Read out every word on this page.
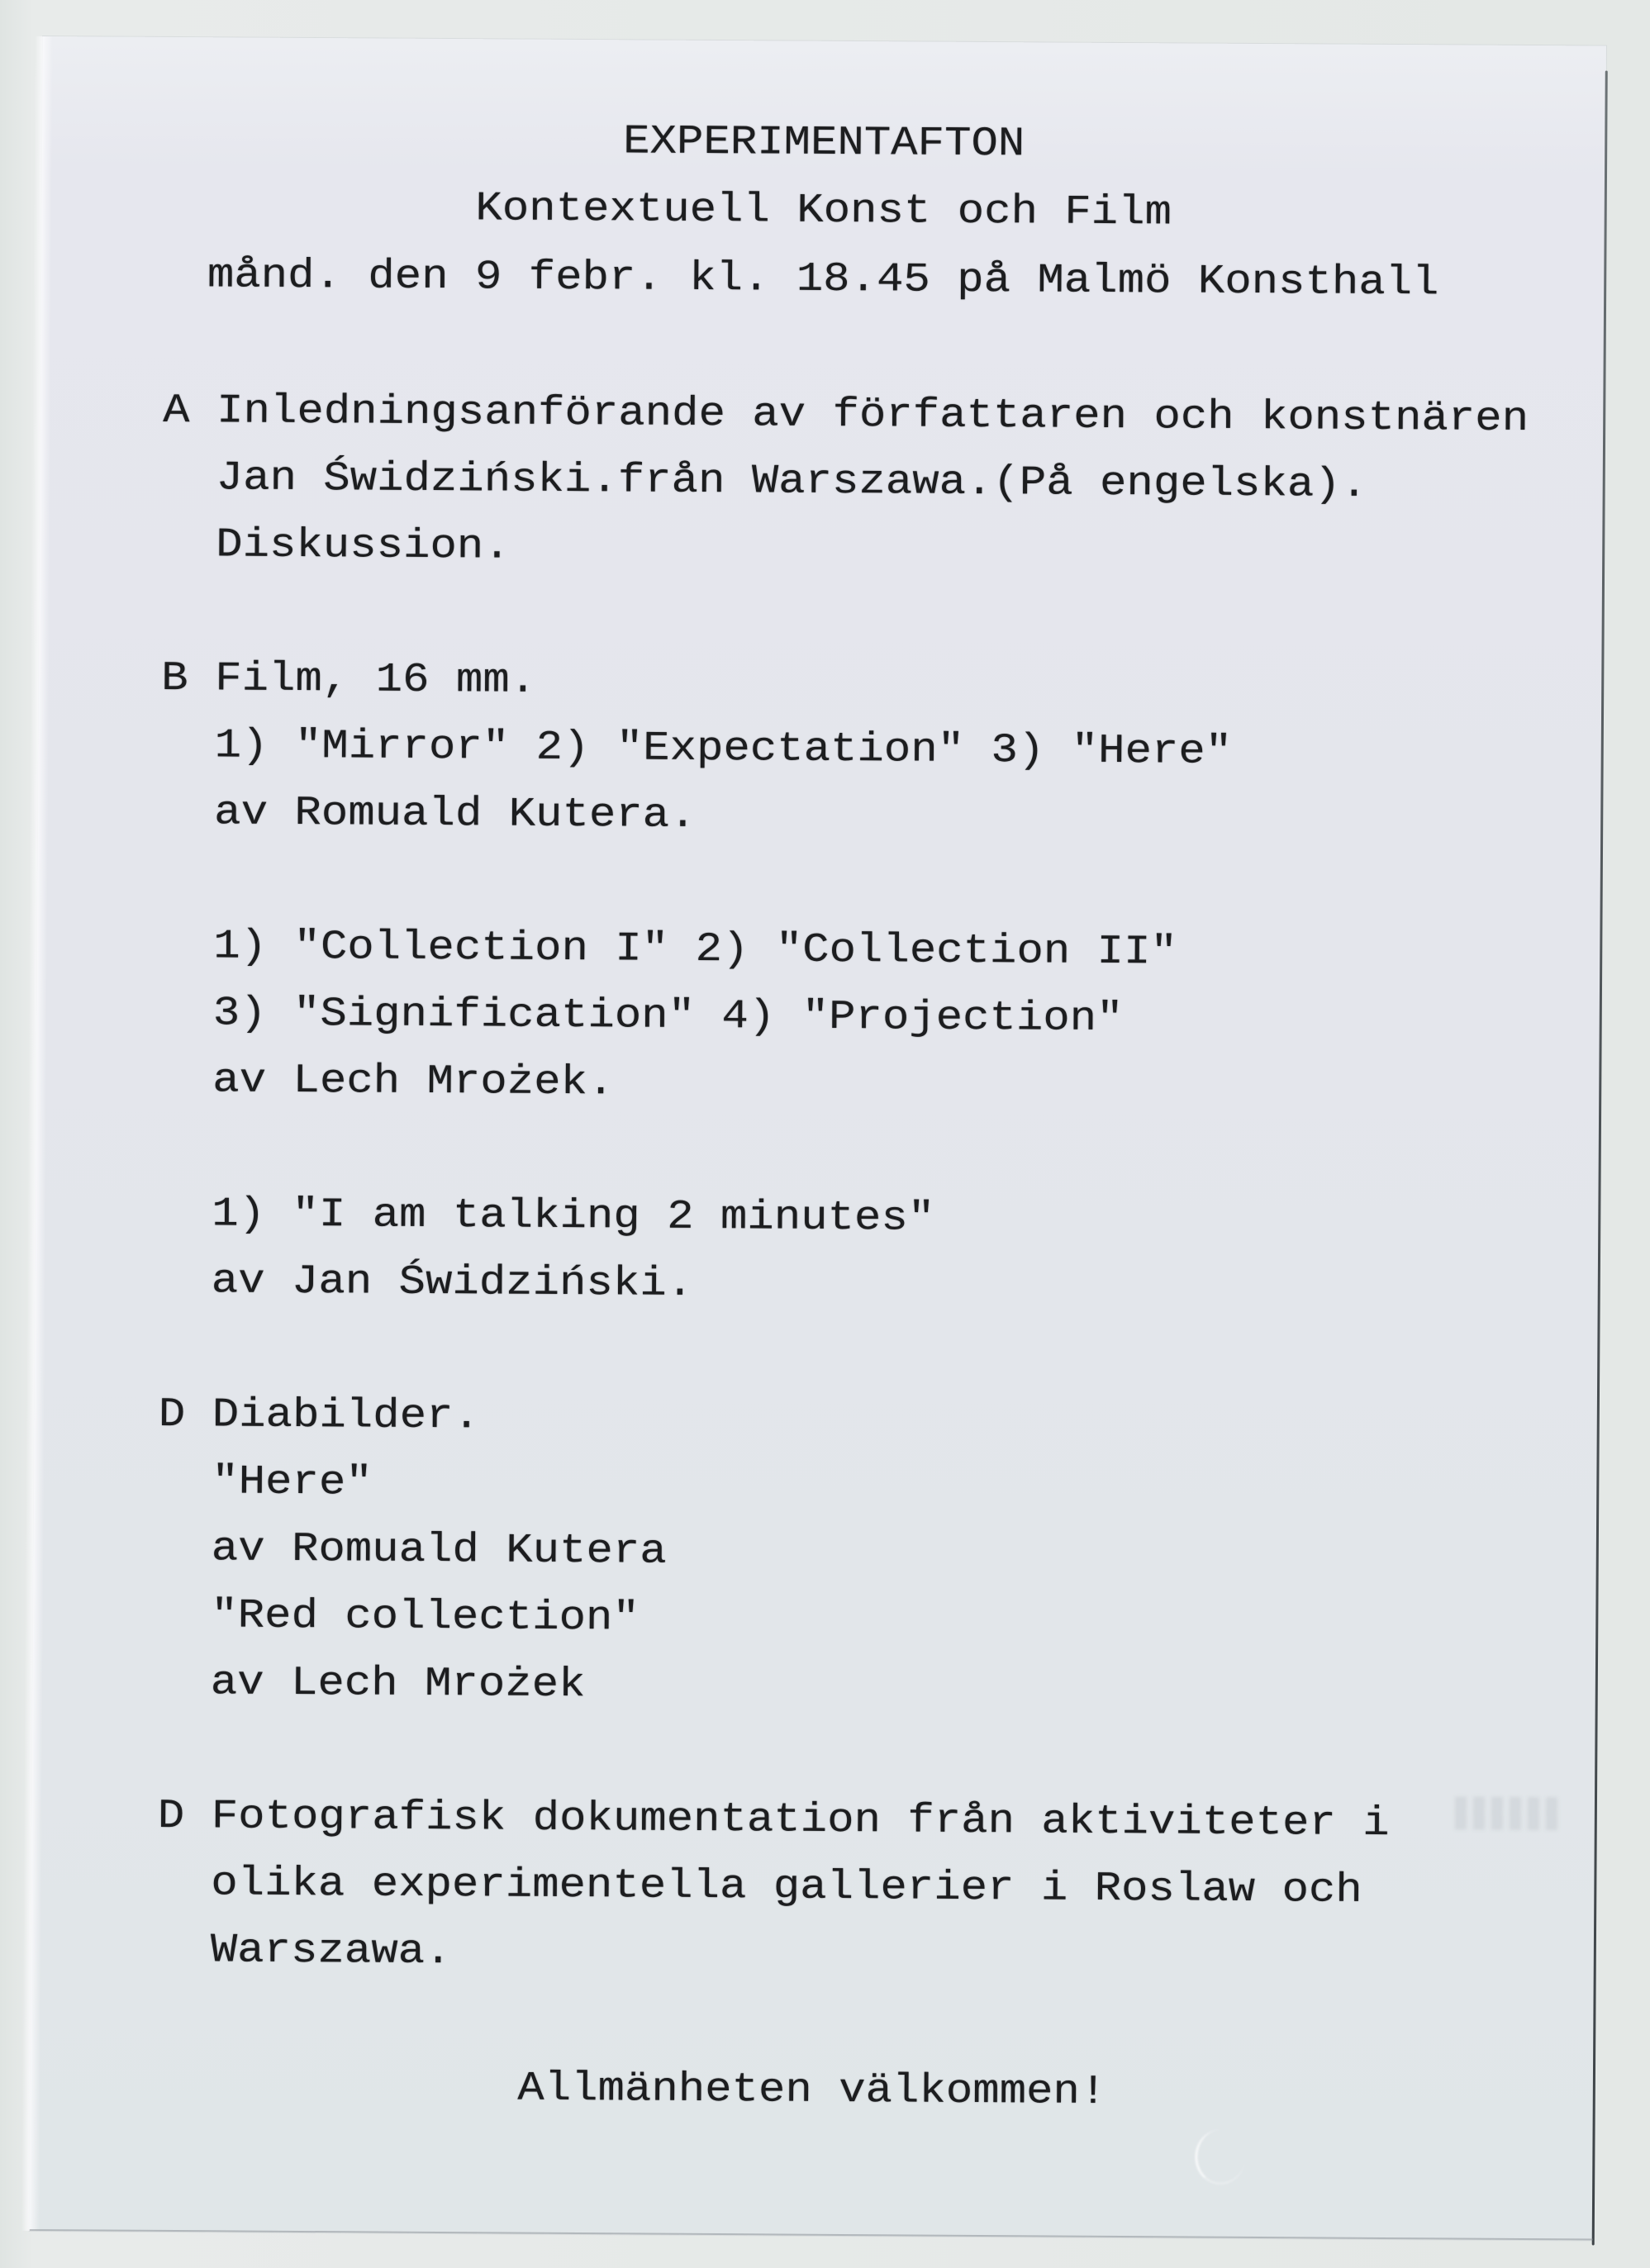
EXPERIMENTAFTON
Kontextuell Konst och Film
månd. den 9 febr. kl. 18.45 på Malmö Konsthall
A Inledningsanförande av författaren och konstnären
Jan Świdziński.från Warszawa.(På engelska).
Diskussion.
B Film, 16 mm.
1) "Mirror" 2) "Expectation" 3) "Here"
av Romuald Kutera.
1) "Collection I" 2) "Collection II"
3) "Signification" 4) "Projection"
av Lech Mrożek.
1) "I am talking 2 minutes"
av Jan Świdziński.
D Diabilder.
"Here"
av Romuald Kutera
"Red collection"
av Lech Mrożek
D Fotografisk dokumentation från aktiviteter i
olika experimentella gallerier i Roslaw och
Warszawa.
Allmänheten välkommen!
